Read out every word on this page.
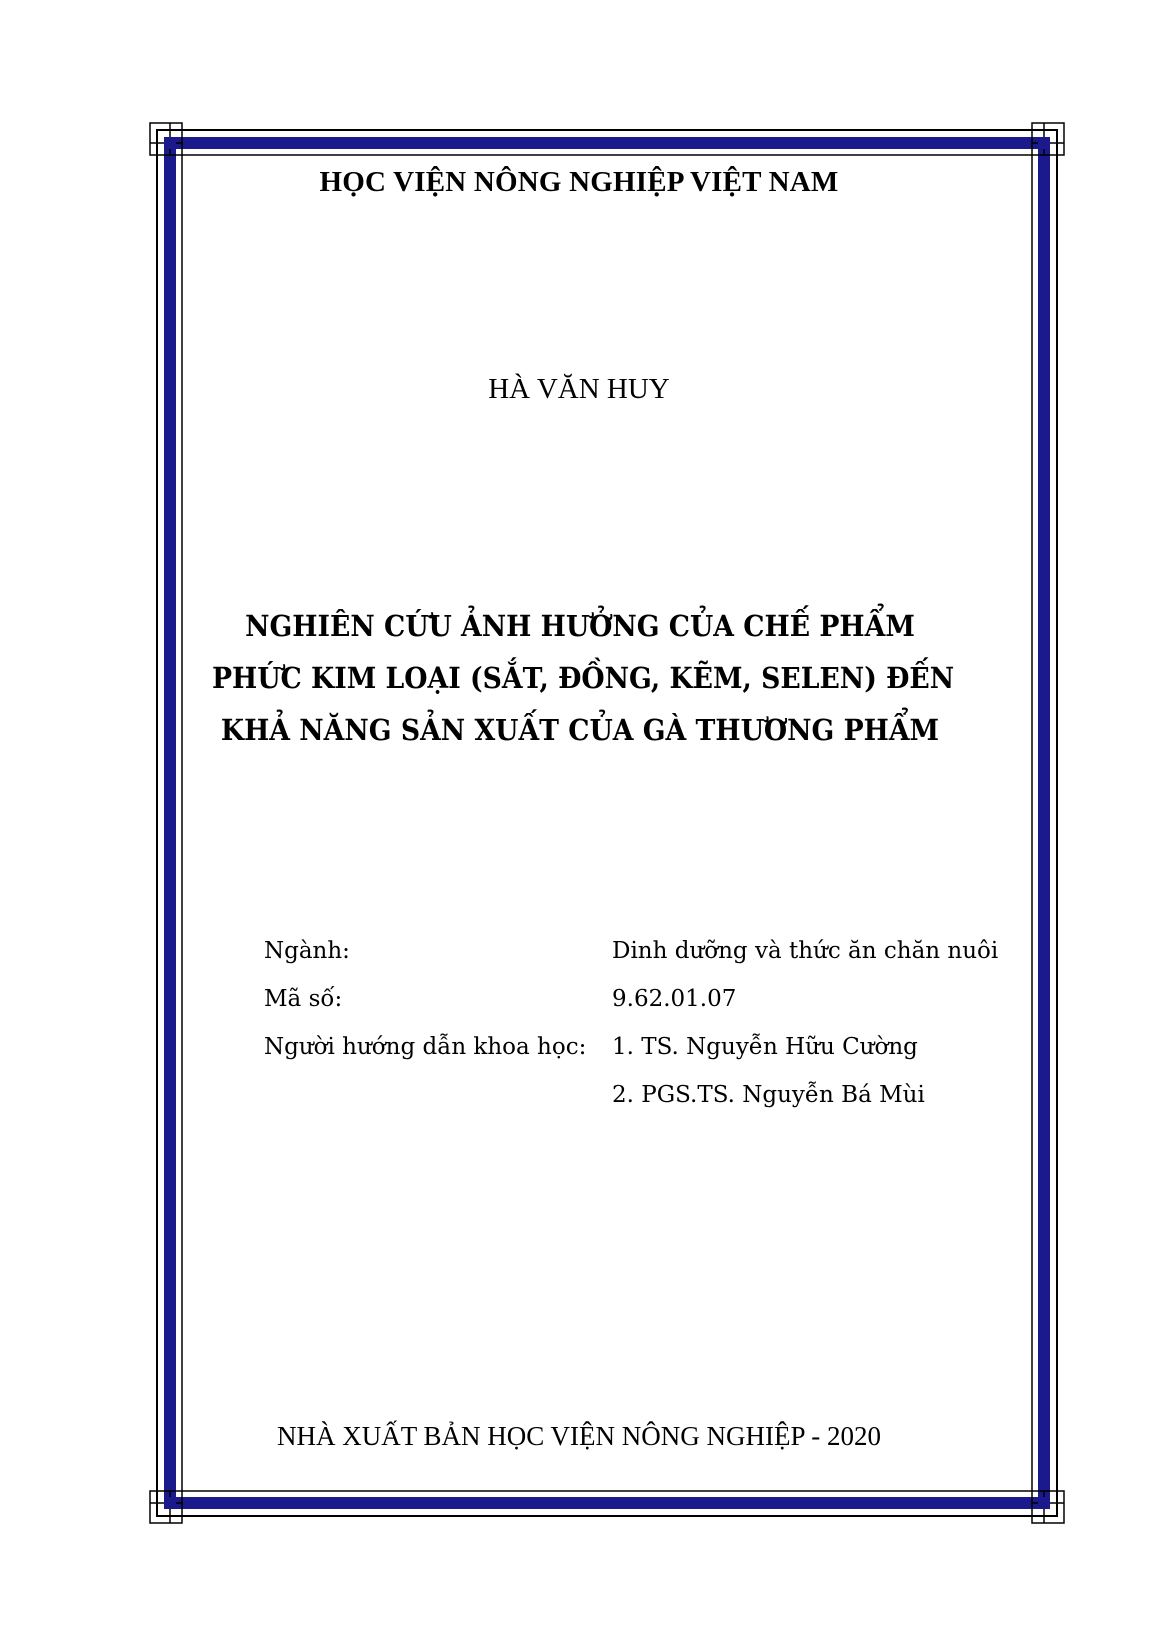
HỌC VIỆN NÔNG NGHIỆP VIỆT NAM
HÀ VĂN HUY
NGHIÊN CỨU ẢNH HƯỞNG CỦA CHẾ PHẨM
PHỨC KIM LOẠI (SẮT, ĐỒNG, KẼM, SELEN) ĐẾN
KHẢ NĂNG SẢN XUẤT CỦA GÀ THƯƠNG PHẨM
Ngành:	Dinh dưỡng và thức ăn chăn nuôi
Mã số:	9.62.01.07
Người hướng dẫn khoa học: 1. TS. Nguyễn Hữu Cường
2. PGS.TS. Nguyễn Bá Mùi
NHÀ XUẤT BẢN HỌC VIỆN NÔNG NGHIỆP - 2020
